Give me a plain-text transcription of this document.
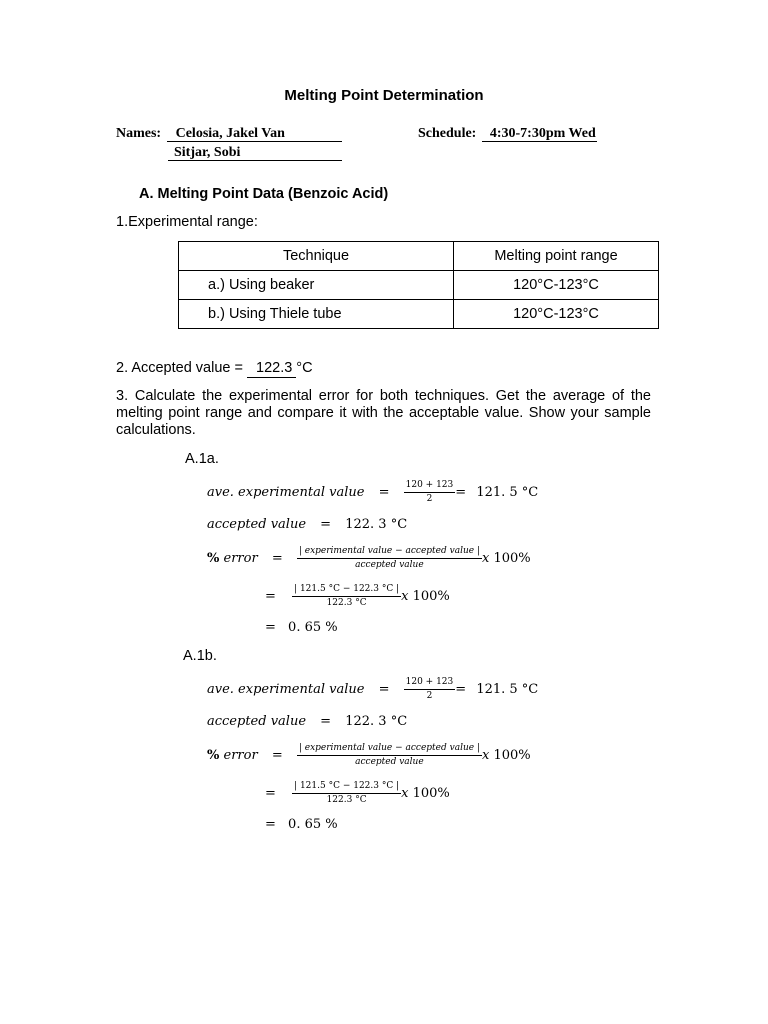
Melting Point Determination
Names: Celosia, Jakel Van
Sitjar, Sobi
Schedule: 4:30-7:30pm Wed
A. Melting Point Data (Benzoic Acid)
1.Experimental range:
Technique	Melting point range
a.) Using beaker	120°C-123°C
b.) Using Thiele tube	120°C-123°C
2. Accepted value = 122.3 °C
3. Calculate the experimental error for both techniques. Get the average of the melting point range and compare it with the acceptable value. Show your sample calculations.
A.1a.
ave. experimental value = $\frac{120 + 123}{2} = 121$. 5 °C
accepted value = 122. 3 °C
% error = $\frac{\text{| experimental value − accepted value |}}{\text{accepted value}}$ x 100%
= $\frac{| 121.5 ^\circ C - 122.3 ^\circ C |}{122.3 ^\circ C}$ x 100%
= 0. 65 %
A.1b.
ave. experimental value = $\frac{120 + 123}{2} = 121$. 5 °C
accepted value = 122. 3 °C
% error = $\frac{\text{| experimental value − accepted value |}}{\text{accepted value}}$ x 100%
= $\frac{| 121.5 ^\circ C - 122.3 ^\circ C |}{122.3 ^\circ C}$ x 100%
= 0. 65 %
